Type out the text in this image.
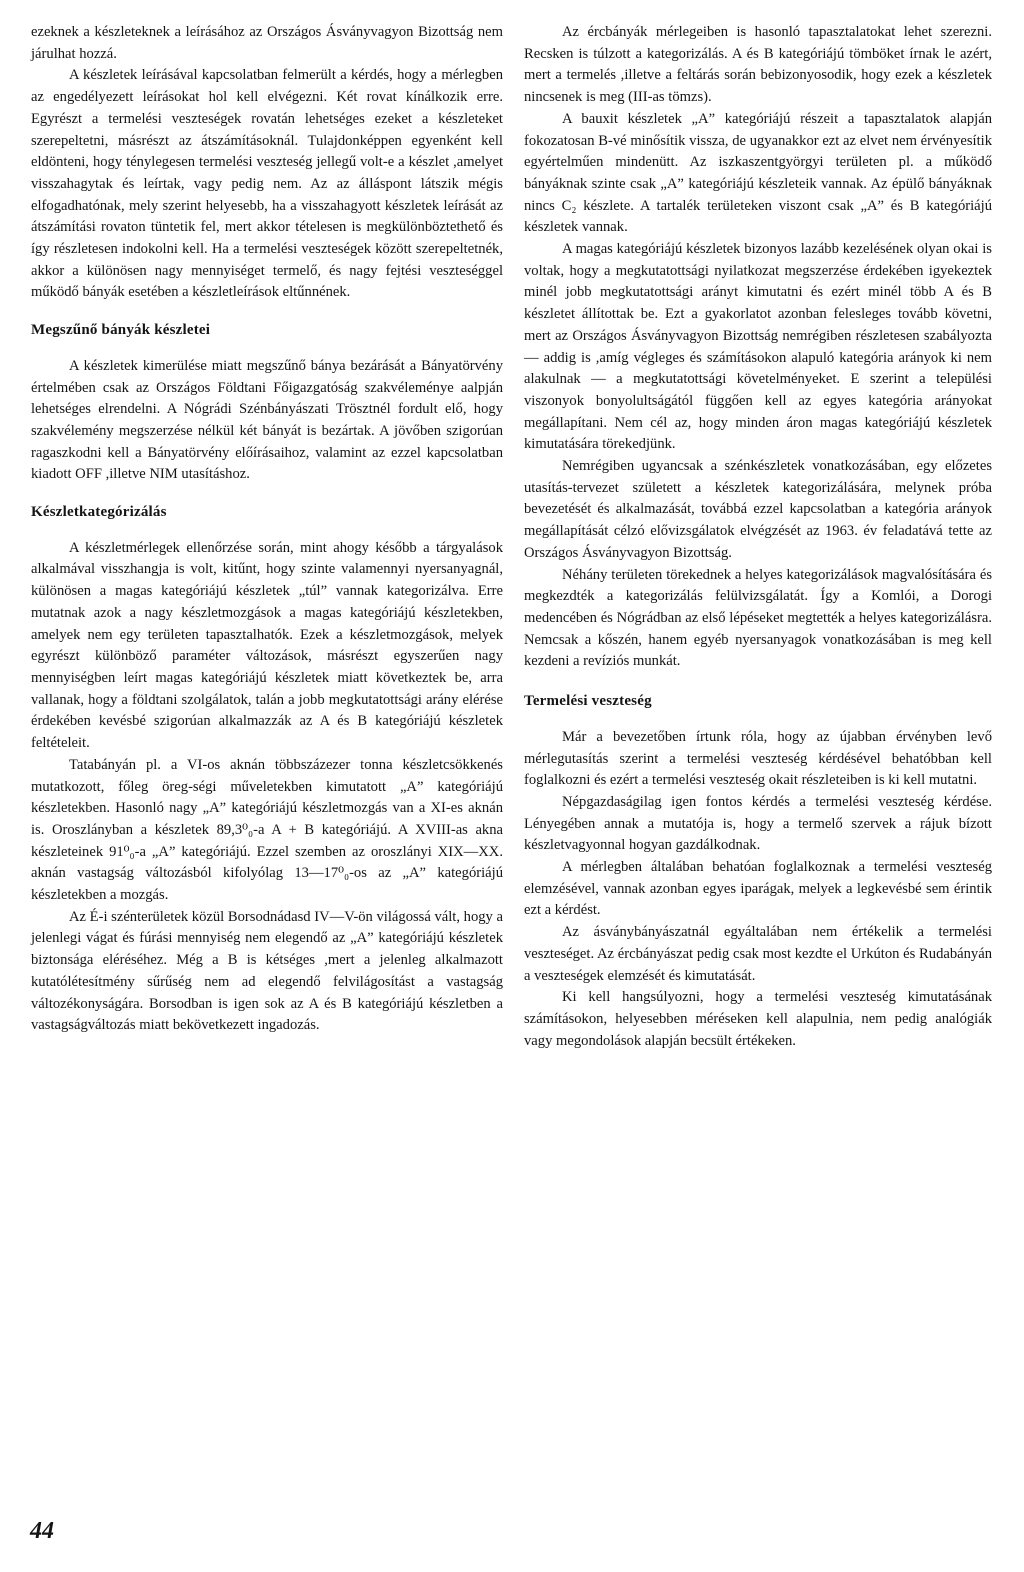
ezeknek a készleteknek a leírásához az Országos Ásványvagyon Bizottság nem járulhat hozzá.

A készletek leírásával kapcsolatban felmerült a kérdés, hogy a mérlegben az engedélyezett leírásokat hol kell elvégezni. Két rovat kínálkozik erre. Egyrészt a termelési veszteségek rovatán lehetséges ezeket a készleteket szerepeltetni, másrészt az átszámításoknál. Tulajdonképpen egyenként kell eldönteni, hogy ténylegesen termelési veszteség jellegű volt-e a készlet ,amelyet visszahagytak és leírtak, vagy pedig nem. Az az álláspont látszik mégis elfogadhatónak, mely szerint helyesebb, ha a visszahagyott készletek leírását az átszámítási rovaton tüntetik fel, mert akkor tételesen is megkülönböztethető és így részletesen indokolni kell. Ha a termelési veszteségek között szerepeltetnék, akkor a különösen nagy mennyiséget termelő, és nagy fejtési veszteséggel működő bányák esetében a készletleírások eltűnnének.

Megszűnő bányák készletei

A készletek kimerülése miatt megszűnő bánya bezárását a Bányatörvény értelmében csak az Országos Földtani Főigazgatóság szakvéleménye aalpján lehetséges elrendelni. A Nógrádi Szénbányászati Trösztnél fordult elő, hogy szakvélemény megszerzése nélkül két bányát is bezártak. A jövőben szigorúan ragaszkodni kell a Bányatörvény előírásaihoz, valamint az ezzel kapcsolatban kiadott OFF ,illetve NIM utasításhoz.

Készletkategórizálás

A készletmérlegek ellenőrzése során, mint ahogy később a tárgyalások alkalmával visszhangja is volt, kitűnt, hogy szinte valamennyi nyersanyagnál, különösen a magas kategóriájú készletek „túl” vannak kategorizálva. Erre mutatnak azok a nagy készletmozgások a magas kategóriájú készletekben, amelyek nem egy területen tapasztalhatók. Ezek a készletmozgások, melyek egyrészt különböző paraméter változások, másrészt egyszerűen nagy mennyiségben leírt magas kategóriájú készletek miatt következtek be, arra vallanak, hogy a földtani szolgálatok, talán a jobb megkutatottsági arány elérése érdekében kevésbé szigorúan alkalmazzák az A és B kategóriájú készletek feltételeit.

Tatabányán pl. a VI-os aknán többszázezer tonna készletcsökkenés mutatkozott, főleg öreg-ségi műveletekben kimutatott „A” kategóriájú készletekben. Hasonló nagy „A” kategóriájú készletmozgás van a XI-es aknán is. Oroszlányban a készletek 89,3⁰₀-a A + B kategóriájú. A XVIII-as akna készleteinek 91⁰₀-a „A” kategóriájú. Ezzel szemben az oroszlányi XIX—XX. aknán vastagság változásból kifolyólag 13—17⁰₀-os az „A” kategóriájú készletekben a mozgás.

Az É-i szénterületek közül Borsodnádasd IV—V-ön világossá vált, hogy a jelenlegi vágat és fúrási mennyiség nem elegendő az „A” kategóriájú készletek biztonsága eléréséhez. Még a B is kétséges ,mert a jelenleg alkalmazott kutatólétesítmény sűrűség nem ad elegendő felvilágosítást a vastagság változékonyságára. Borsodban is igen sok az A és B kategóriájú készletben a vastagságváltozás miatt bekövetkezett ingadozás.

Az ércbányák mérlegeiben is hasonló tapasztalatokat lehet szerezni. Recsken is túlzott a kategorizálás. A és B kategóriájú tömböket írnak le azért, mert a termelés ,illetve a feltárás során bebizonyosodik, hogy ezek a készletek nincsenek is meg (III-as tömzs).

A bauxit készletek „A” kategóriájú részeit a tapasztalatok alapján fokozatosan B-vé minősítik vissza, de ugyanakkor ezt az elvet nem érvényesítik egyértelműen mindenütt. Az iszkaszentgyörgyi területen pl. a működő bányáknak szinte csak „A” kategóriájú készleteik vannak. Az épülő bányáknak nincs C₂ készlete. A tartalék területeken viszont csak „A” és B kategóriájú készletek vannak.

A magas kategóriájú készletek bizonyos lazább kezelésének olyan okai is voltak, hogy a megkutatottsági nyilatkozat megszerzése érdekében igyekeztek minél jobb megkutatottsági arányt kimutatni és ezért minél több A és B készletet állítottak be. Ezt a gyakorlatot azonban felesleges tovább követni, mert az Országos Ásványvagyon Bizottság nemrégiben részletesen szabályozta — addig is ,amíg végleges és számításokon alapuló kategória arányok ki nem alakulnak — a megkutatottsági követelményeket. E szerint a települési viszonyok bonyolultságától függően kell az egyes kategória arányokat megállapítani. Nem cél az, hogy minden áron magas kategóriájú készletek kimutatására törekedjünk.

Nemrégiben ugyancsak a szénkészletek vonatkozásában, egy előzetes utasítás-tervezet született a készletek kategorizálására, melynek próba bevezetését és alkalmazását, továbbá ezzel kapcsolatban a kategória arányok megállapítását célzó elővizsgálatok elvégzését az 1963. év feladatává tette az Országos Ásványvagyon Bizottság.

Néhány területen törekednek a helyes kategorizálások magvalósítására és megkezdték a kategorizálás felülvizsgálatát. Így a Komlói, a Dorogi medencében és Nógrádban az első lépéseket megtették a helyes kategorizálásra. Nemcsak a kőszén, hanem egyéb nyersanyagok vonatkozásában is meg kell kezdeni a revíziós munkát.

Termelési veszteség

Már a bevezetőben írtunk róla, hogy az újabban érvényben levő mérlegutasítás szerint a termelési veszteség kérdésével behatóbban kell foglalkozni és ezért a termelési veszteség okait részleteiben is ki kell mutatni.

Népgazdaságilag igen fontos kérdés a termelési veszteség kérdése. Lényegében annak a mutatója is, hogy a termelő szervek a rájuk bízott készletvagyonnal hogyan gazdálkodnak.

A mérlegben általában behatóan foglalkoznak a termelési veszteség elemzésével, vannak azonban egyes iparágak, melyek a legkevésbé sem érintik ezt a kérdést.

Az ásványbányászatnál egyáltalában nem értékelik a termelési veszteséget. Az ércbányászat pedig csak most kezdte el Urkúton és Rudabányán a veszteségek elemzését és kimutatását.

Ki kell hangsúlyozni, hogy a termelési veszteség kimutatásának számításokon, helyesebben méréseken kell alapulnia, nem pedig analógiák vagy megondolások alapján becsült értékeken.

44
